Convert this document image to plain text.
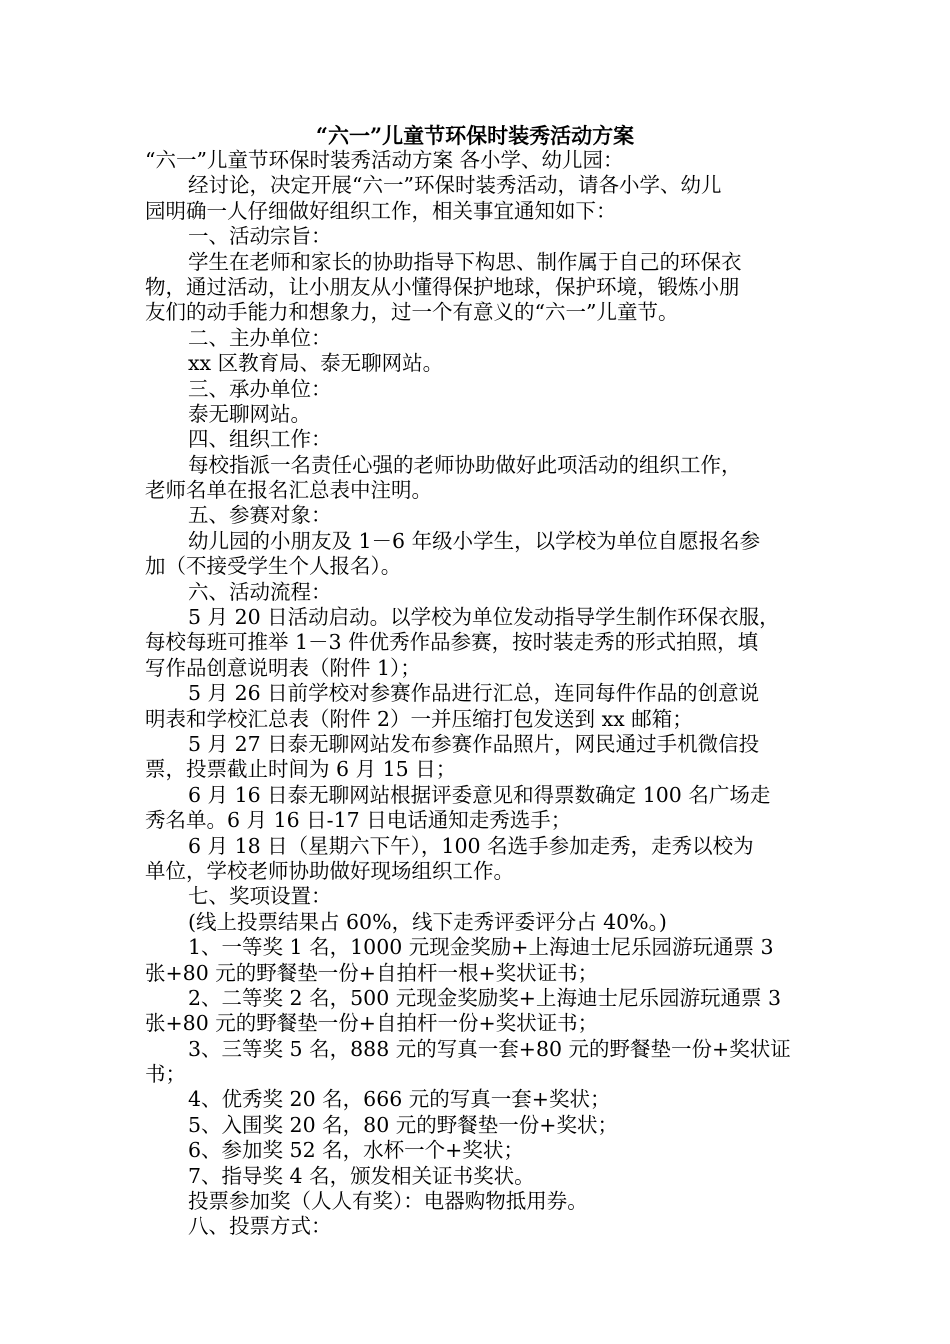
“六一”儿童节环保时装秀活动方案
“六一”儿童节环保时装秀活动方案 各小学、幼儿园：
经讨论，决定开展“六一”环保时装秀活动，请各小学、幼儿
园明确一人仔细做好组织工作，相关事宜通知如下：
一、活动宗旨：
学生在老师和家长的协助指导下构思、制作属于自己的环保衣
物，通过活动，让小朋友从小懂得保护地球，保护环境，锻炼小朋
友们的动手能力和想象力，过一个有意义的“六一”儿童节。
二、主办单位：
xx 区教育局、泰无聊网站。
三、承办单位：
泰无聊网站。
四、组织工作：
每校指派一名责任心强的老师协助做好此项活动的组织工作，
老师名单在报名汇总表中注明。
五、参赛对象：
幼儿园的小朋友及 1－6 年级小学生，以学校为单位自愿报名参
加（不接受学生个人报名）。
六、活动流程：
5 月 20 日活动启动。以学校为单位发动指导学生制作环保衣服，
每校每班可推举 1－3 件优秀作品参赛，按时装走秀的形式拍照，填
写作品创意说明表（附件 1）；
5 月 26 日前学校对参赛作品进行汇总，连同每件作品的创意说
明表和学校汇总表（附件 2）一并压缩打包发送到 xx 邮箱；
5 月 27 日泰无聊网站发布参赛作品照片，网民通过手机微信投
票，投票截止时间为 6 月 15 日；
6 月 16 日泰无聊网站根据评委意见和得票数确定 100 名广场走
秀名单。6 月 16 日-17 日电话通知走秀选手；
6 月 18 日（星期六下午），100 名选手参加走秀，走秀以校为
单位，学校老师协助做好现场组织工作。
七、奖项设置：
(线上投票结果占 60%，线下走秀评委评分占 40%。)
1、一等奖 1 名，1000 元现金奖励+上海迪士尼乐园游玩通票 3
张+80 元的野餐垫一份+自拍杆一根+奖状证书；
2、二等奖 2 名，500 元现金奖励奖+上海迪士尼乐园游玩通票 3
张+80 元的野餐垫一份+自拍杆一份+奖状证书；
3、三等奖 5 名，888 元的写真一套+80 元的野餐垫一份+奖状证
书；
4、优秀奖 20 名，666 元的写真一套+奖状；
5、入围奖 20 名，80 元的野餐垫一份+奖状；
6、参加奖 52 名，水杯一个+奖状；
7、指导奖 4 名，颁发相关证书奖状。
投票参加奖（人人有奖）：电器购物抵用券。
八、投票方式：
